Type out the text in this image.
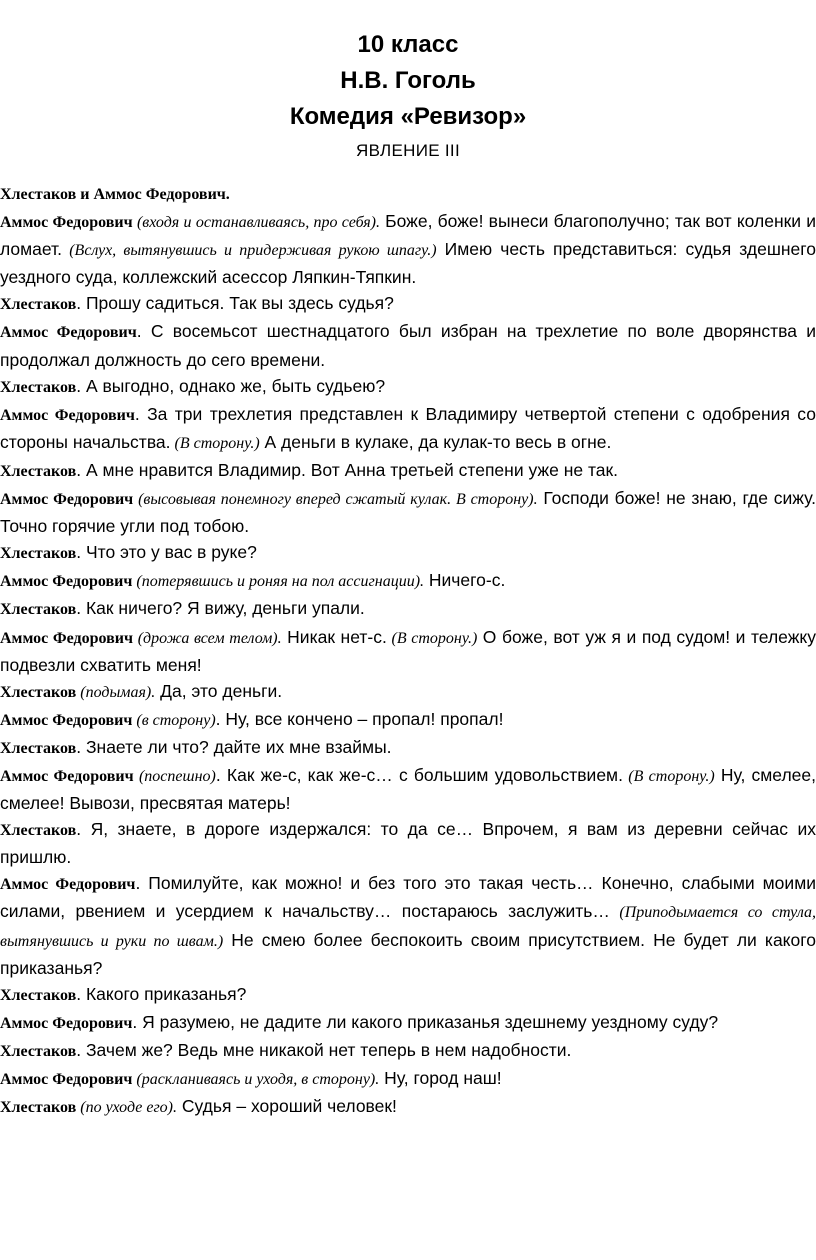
10 класс
Н.В. Гоголь
Комедия «Ревизор»
ЯВЛЕНИЕ III

Хлестаков и Аммос Федорович.

Аммос Федорович (входя и останавливаясь, про себя). Боже, боже! вынеси благополучно; так вот коленки и ломает. (Вслух, вытянувшись и придерживая рукою шпагу.) Имею честь представиться: судья здешнего уездного суда, коллежский асессор Ляпкин-Тяпкин.

Хлестаков. Прошу садиться. Так вы здесь судья?

Аммос Федорович. С восемьсот шестнадцатого был избран на трехлетие по воле дворянства и продолжал должность до сего времени.

Хлестаков. А выгодно, однако же, быть судьею?

Аммос Федорович. За три трехлетия представлен к Владимиру четвертой степени с одобрения со стороны начальства. (В сторону.) А деньги в кулаке, да кулак-то весь в огне.

Хлестаков. А мне нравится Владимир. Вот Анна третьей степени уже не так.

Аммос Федорович (высовывая понемногу вперед сжатый кулак. В сторону). Господи боже! не знаю, где сижу. Точно горячие угли под тобою.

Хлестаков. Что это у вас в руке?

Аммос Федорович (потерявшись и роняя на пол ассигнации). Ничего-с.

Хлестаков. Как ничего? Я вижу, деньги упали.

Аммос Федорович (дрожа всем телом). Никак нет-с. (В сторону.) О боже, вот уж я и под судом! и тележку подвезли схватить меня!

Хлестаков (подымая). Да, это деньги.

Аммос Федорович (в сторону). Ну, все кончено – пропал! пропал!

Хлестаков. Знаете ли что? дайте их мне взаймы.

Аммос Федорович (поспешно). Как же-с, как же-с… с большим удовольствием. (В сторону.) Ну, смелее, смелее! Вывози, пресвятая матерь!

Хлестаков. Я, знаете, в дороге издержался: то да се… Впрочем, я вам из деревни сейчас их пришлю.

Аммос Федорович. Помилуйте, как можно! и без того это такая честь… Конечно, слабыми моими силами, рвением и усердием к начальству… постараюсь заслужить… (Приподымается со стула, вытянувшись и руки по швам.) Не смею более беспокоить своим присутствием. Не будет ли какого приказанья?

Хлестаков. Какого приказанья?

Аммос Федорович. Я разумею, не дадите ли какого приказанья здешнему уездному суду?

Хлестаков. Зачем же? Ведь мне никакой нет теперь в нем надобности.

Аммос Федорович (раскланиваясь и уходя, в сторону). Ну, город наш!

Хлестаков (по уходе его). Судья – хороший человек!
